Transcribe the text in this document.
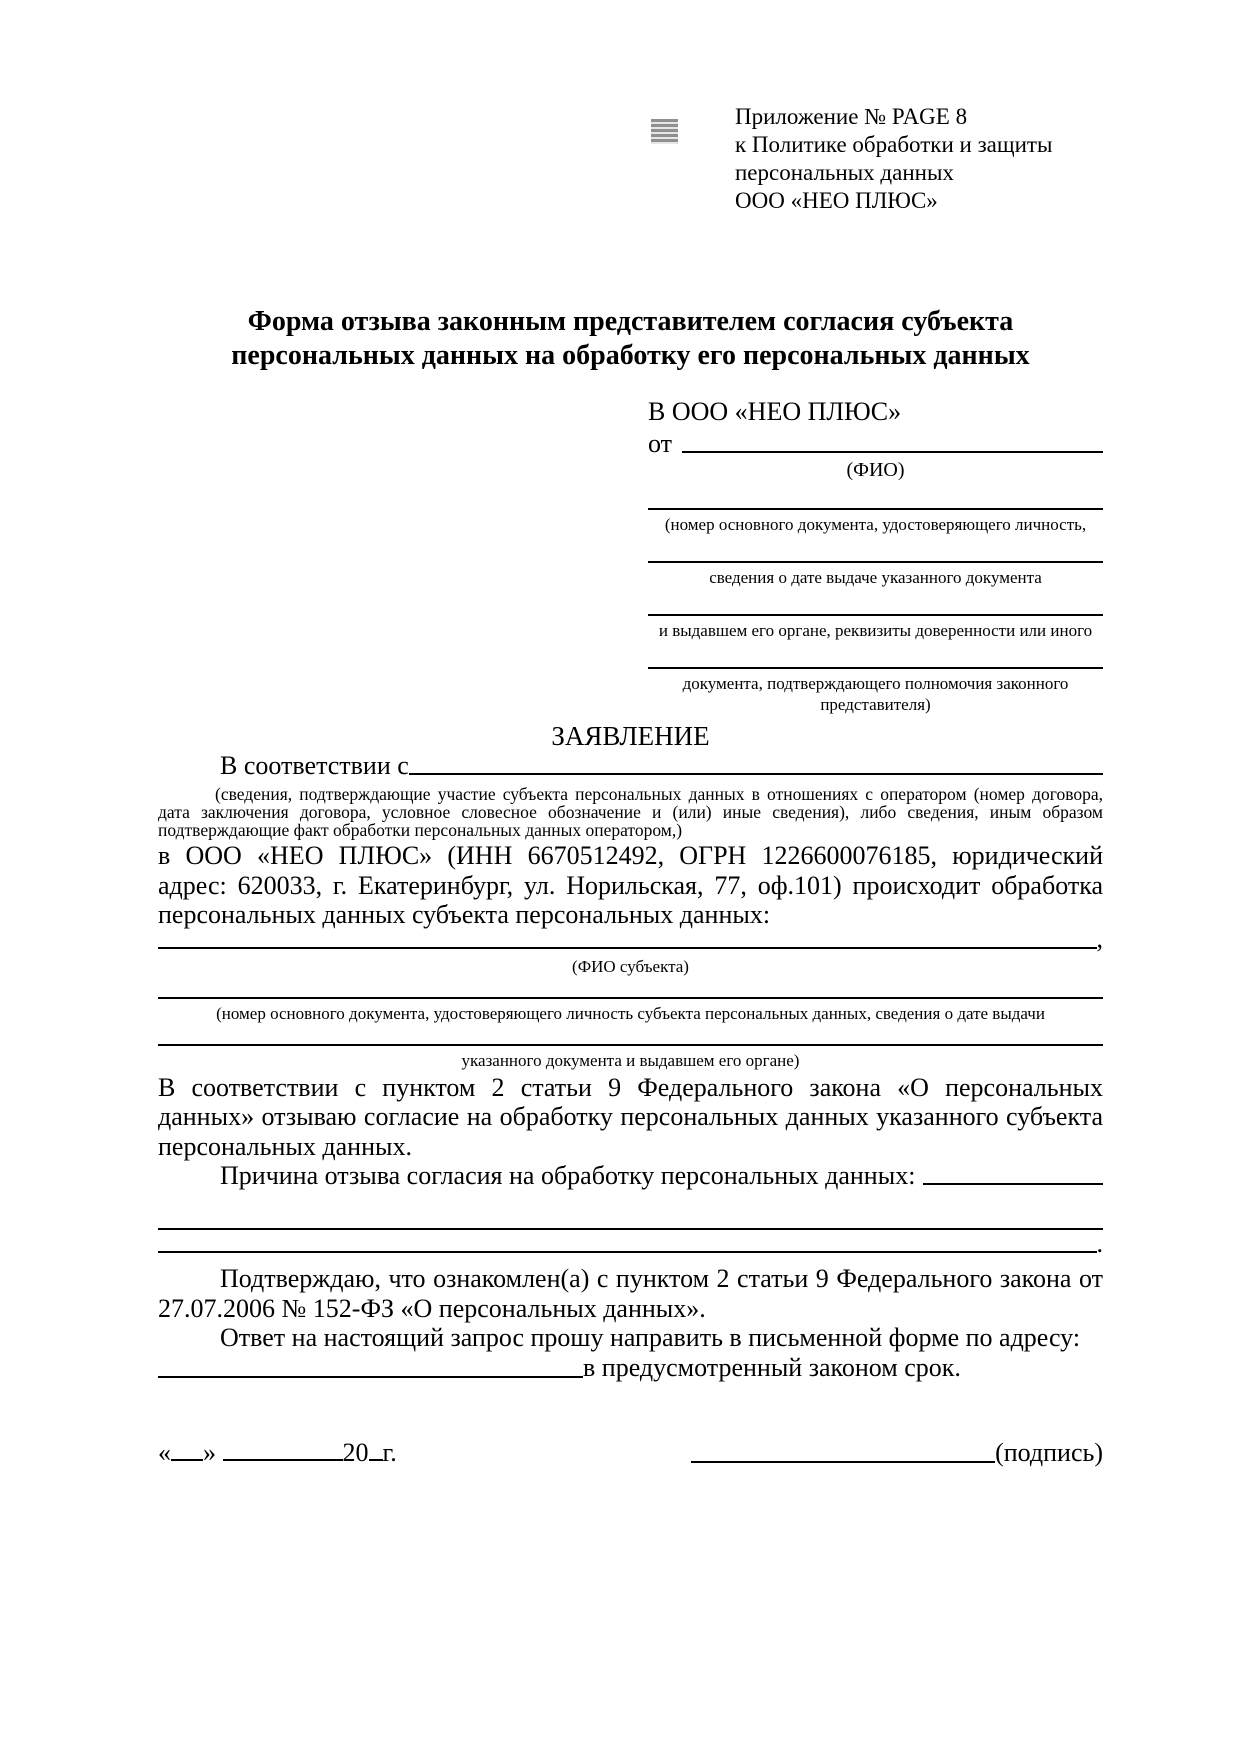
Приложение № PAGE 8
к Политике обработки и защиты
персональных данных
ООО «НЕО ПЛЮС»
Форма отзыва законным представителем согласия субъекта
персональных данных на обработку его персональных данных
В ООО «НЕО ПЛЮС»
от
(ФИО)
(номер основного документа, удостоверяющего личность,
сведения о дате выдаче указанного документа
и выдавшем его органе, реквизиты доверенности или иного
документа, подтверждающего полномочия законного представителя)
ЗАЯВЛЕНИЕ
В соответствии с
(сведения, подтверждающие участие субъекта персональных данных в отношениях с оператором (номер договора, дата заключения договора, условное словесное обозначение и (или) иные сведения), либо сведения, иным образом подтверждающие факт обработки персональных данных оператором,)
в ООО «НЕО ПЛЮС» (ИНН 6670512492, ОГРН 1226600076185, юридический адрес: 620033, г. Екатеринбург, ул. Норильская, 77, оф.101) происходит обработка персональных данных субъекта персональных данных:
,
(ФИО субъекта)
(номер основного документа, удостоверяющего личность субъекта персональных данных, сведения о дате выдачи
указанного документа и выдавшем его органе)
В соответствии с пунктом 2 статьи 9 Федерального закона «О персональных данных» отзываю согласие на обработку персональных данных указанного субъекта персональных данных.
Причина отзыва согласия на обработку персональных данных:
.
Подтверждаю, что ознакомлен(а) с пунктом 2 статьи 9 Федерального закона от 27.07.2006 № 152-ФЗ «О персональных данных».
Ответ на настоящий запрос прошу направить в письменной форме по адресу:
в предусмотренный законом срок.
« »	20 г.	(подпись)
